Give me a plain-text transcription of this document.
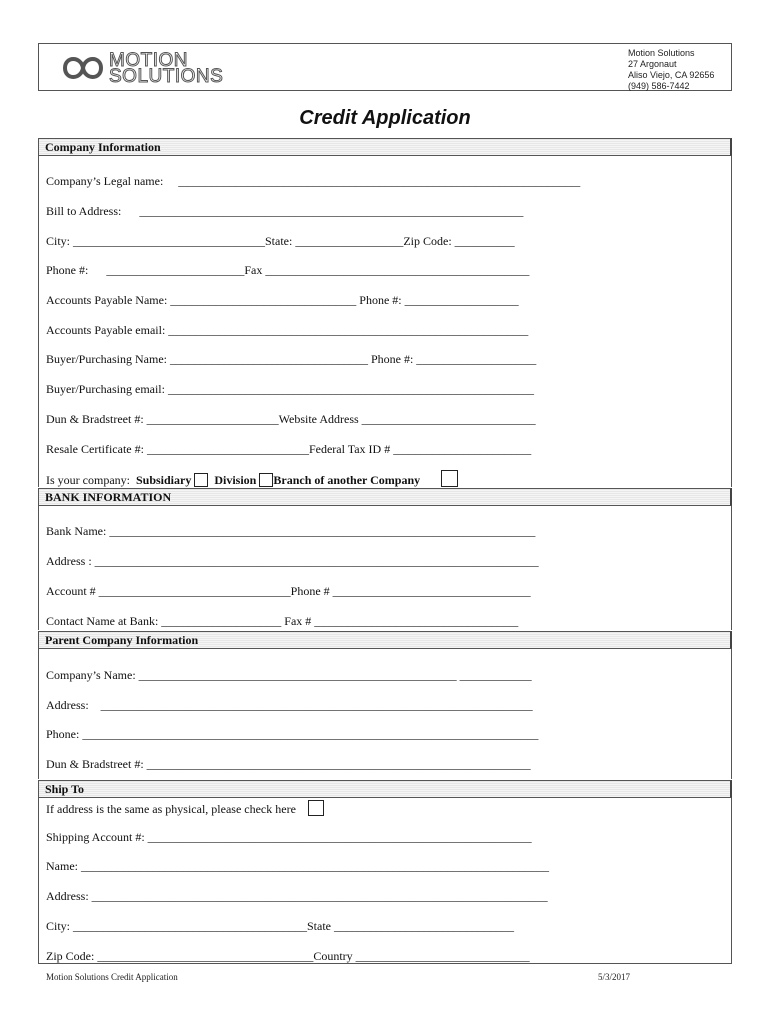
MOTION
SOLUTIONS
Motion Solutions
27 Argonaut
Aliso Viejo, CA 92656
(949) 586-7442
Credit Application
Company Information
Company’s Legal name:     ___________________________________________________________________
Bill to Address:      ________________________________________________________________
City: ________________________________State: __________________Zip Code: __________
Phone #:      _______________________Fax ____________________________________________
Accounts Payable Name: _______________________________ Phone #: ___________________
Accounts Payable email: ____________________________________________________________
Buyer/Purchasing Name: _________________________________ Phone #: ____________________
Buyer/Purchasing email: _____________________________________________________________
Dun & Bradstreet #: ______________________Website Address _____________________________
Resale Certificate #: ___________________________Federal Tax ID # _______________________
Is your company: Subsidiary Division Branch of another Company
BANK INFORMATION
Bank Name: _______________________________________________________________________
Address : __________________________________________________________________________
Account # ________________________________Phone # _________________________________
Contact Name at Bank: ____________________ Fax # __________________________________
Parent Company Information
Company’s Name: _____________________________________________________ ____________
Address:    ________________________________________________________________________
Phone: ____________________________________________________________________________
Dun & Bradstreet #: ________________________________________________________________
Ship To
If address is the same as physical, please check here
Shipping Account #: ________________________________________________________________
Name: ______________________________________________________________________________
Address: ____________________________________________________________________________
City: _______________________________________State ______________________________
Zip Code: ____________________________________Country _____________________________
Motion Solutions Credit Application	5/3/2017
